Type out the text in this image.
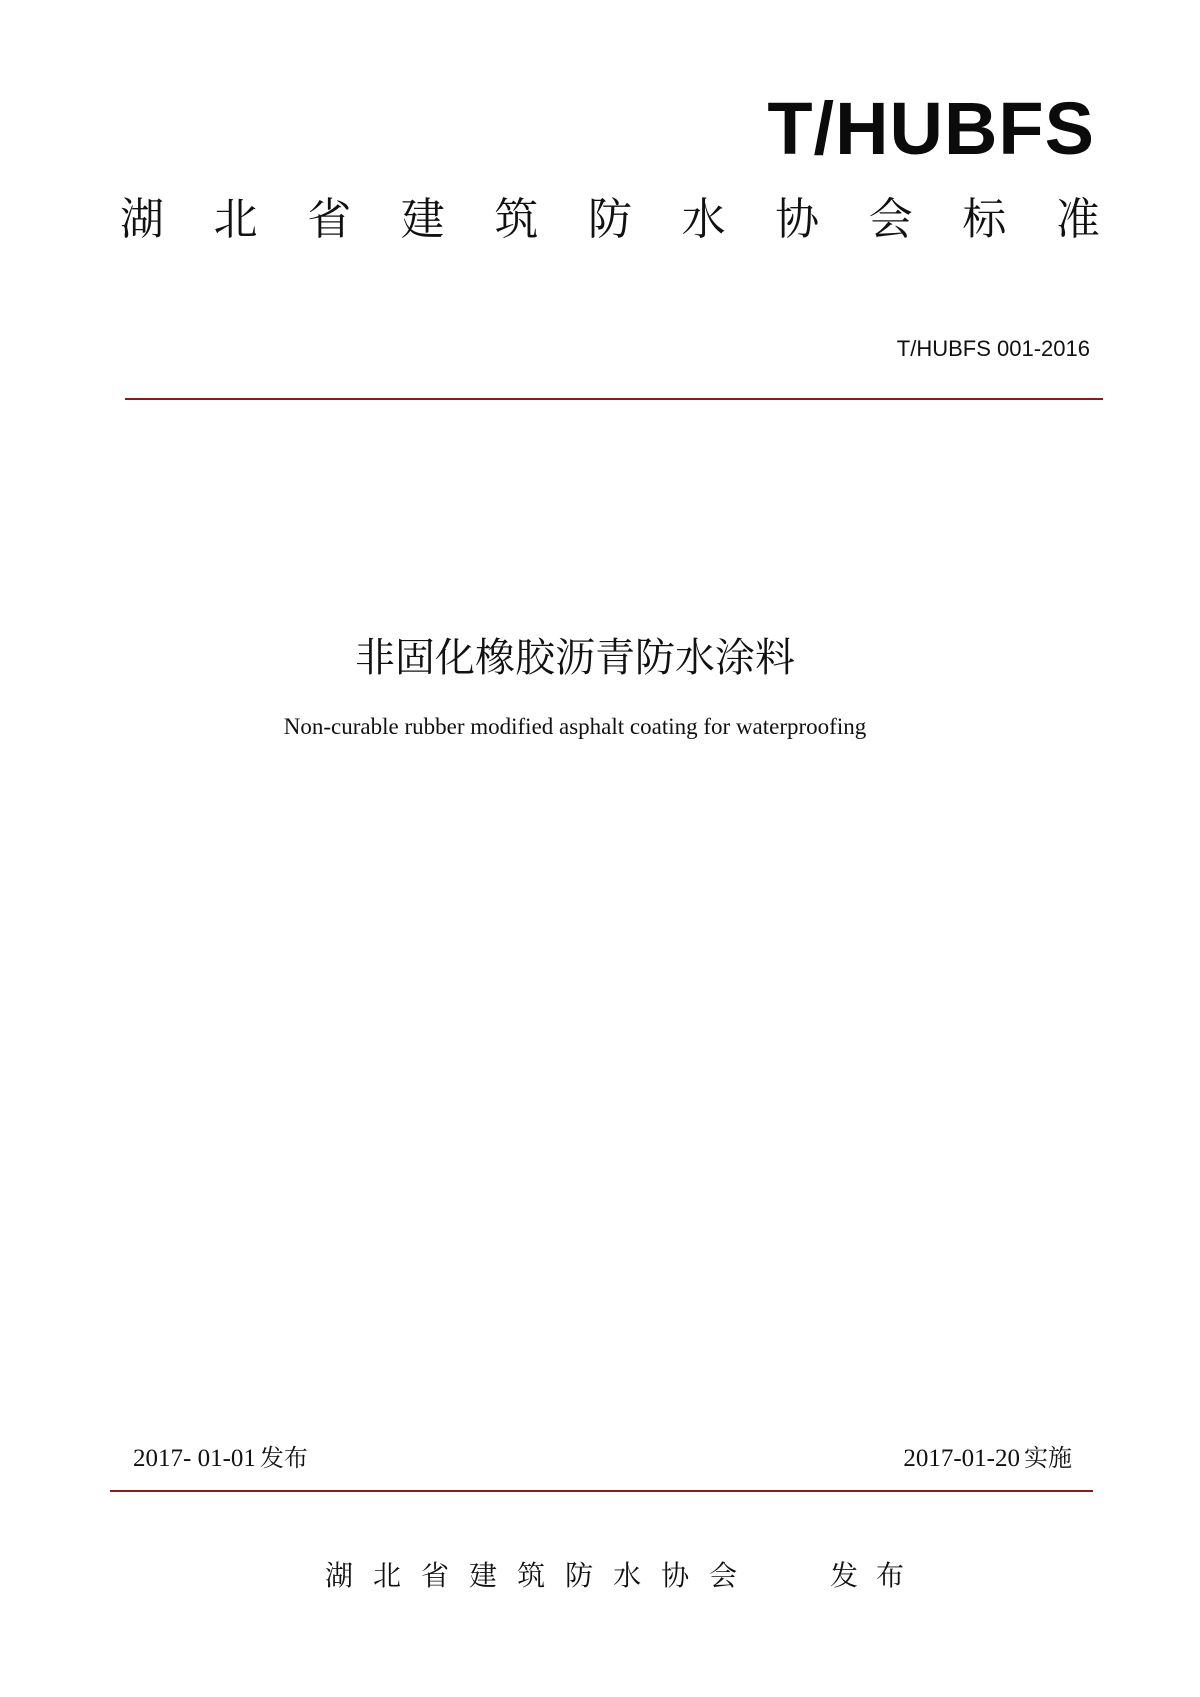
T/HUBFS
湖 北 省 建 筑 防 水 协 会 标 准
T/HUBFS 001-2016
非固化橡胶沥青防水涂料
Non-curable rubber modified asphalt coating for waterproofing
2017- 01-01 发布	2017-01-20 实施
湖 北 省 建 筑 防 水 协 会	发 布
